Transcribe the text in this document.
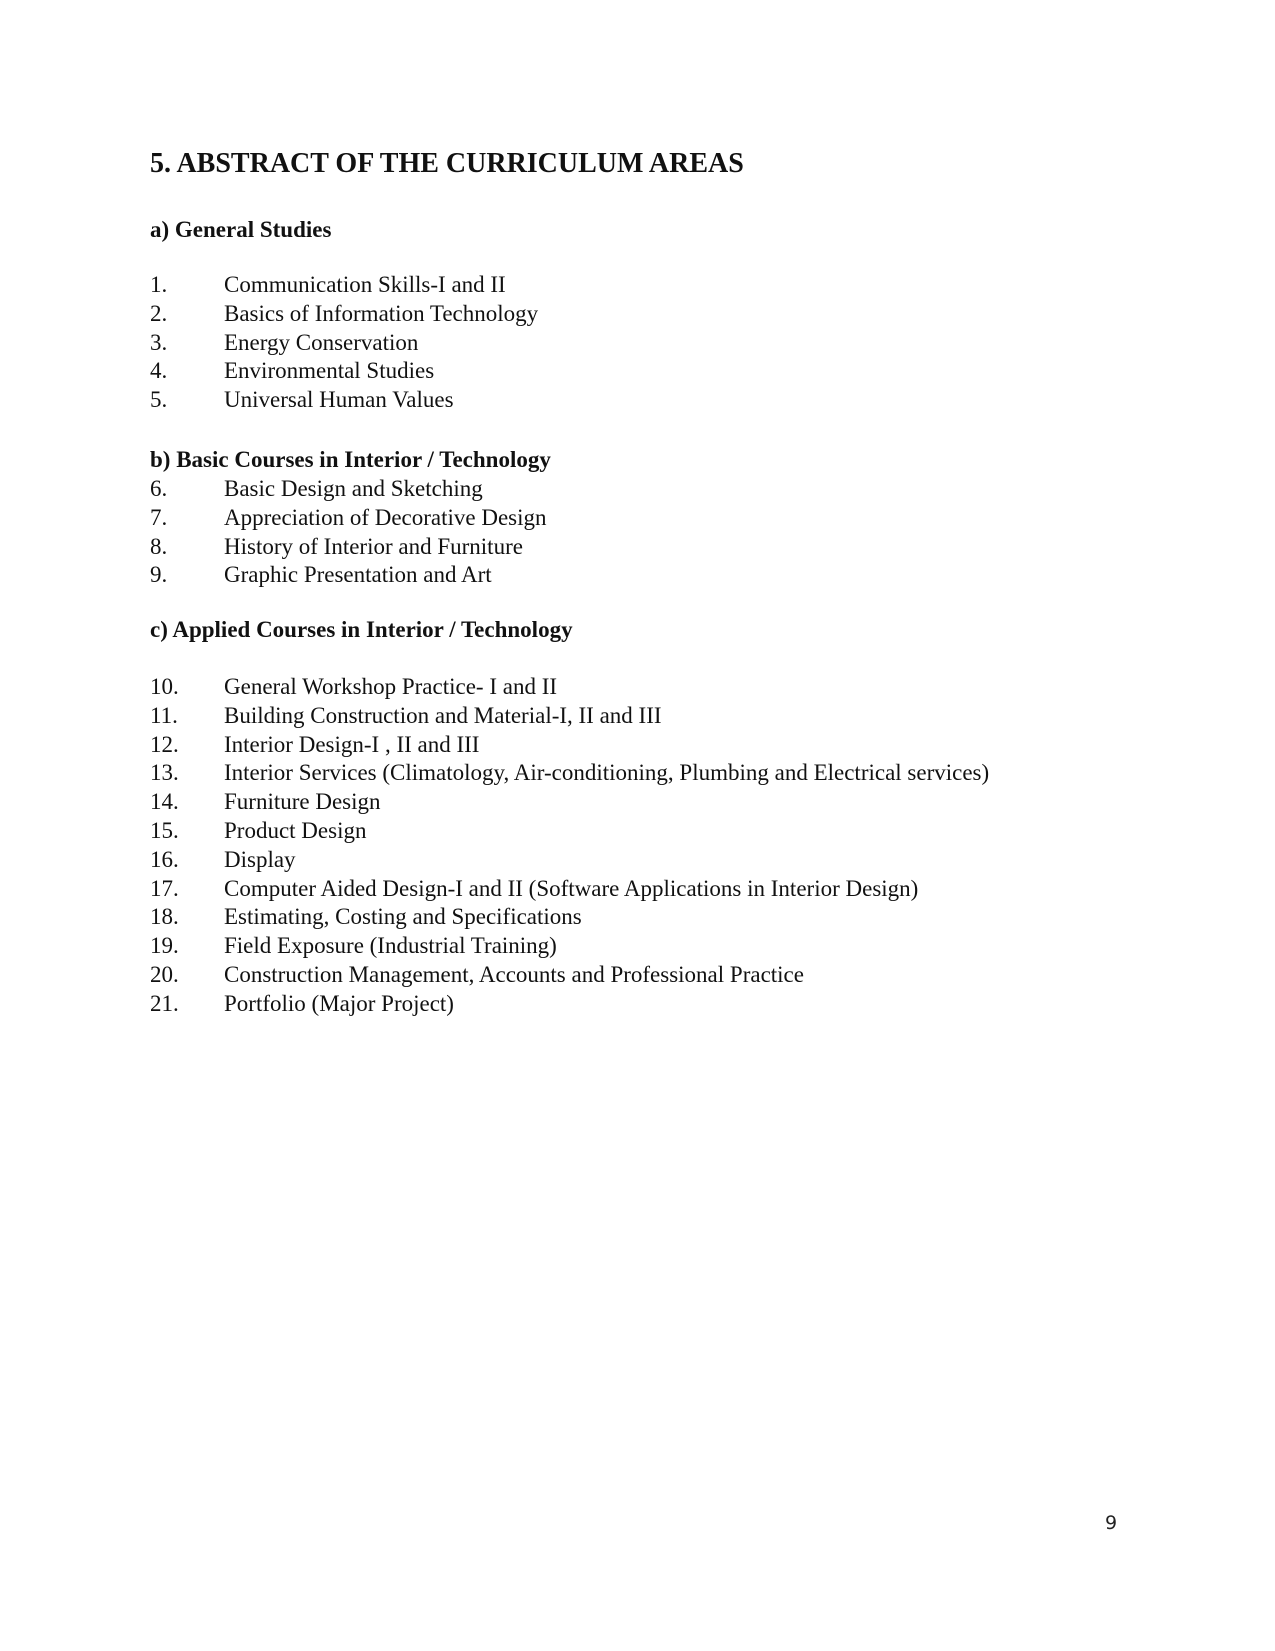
5. ABSTRACT OF THE CURRICULUM AREAS
a) General Studies
1.	Communication Skills-I and II
2.	Basics of Information Technology
3.	Energy Conservation
4.	Environmental Studies
5.	Universal Human Values
b) Basic Courses in Interior / Technology
6.	Basic Design and Sketching
7.	Appreciation of Decorative Design
8.	History of Interior and Furniture
9.	Graphic Presentation and Art
c) Applied Courses in Interior / Technology
10.	General Workshop Practice- I and II
11.	Building Construction and Material-I, II and III
12.	Interior Design-I , II and III
13.	Interior Services (Climatology, Air-conditioning, Plumbing and Electrical services)
14.	Furniture Design
15.	Product Design
16.	Display
17.	Computer Aided Design-I and II (Software Applications in Interior Design)
18.	Estimating, Costing and Specifications
19.	Field Exposure (Industrial Training)
20.	Construction Management, Accounts and Professional Practice
21.	Portfolio (Major Project)
9
